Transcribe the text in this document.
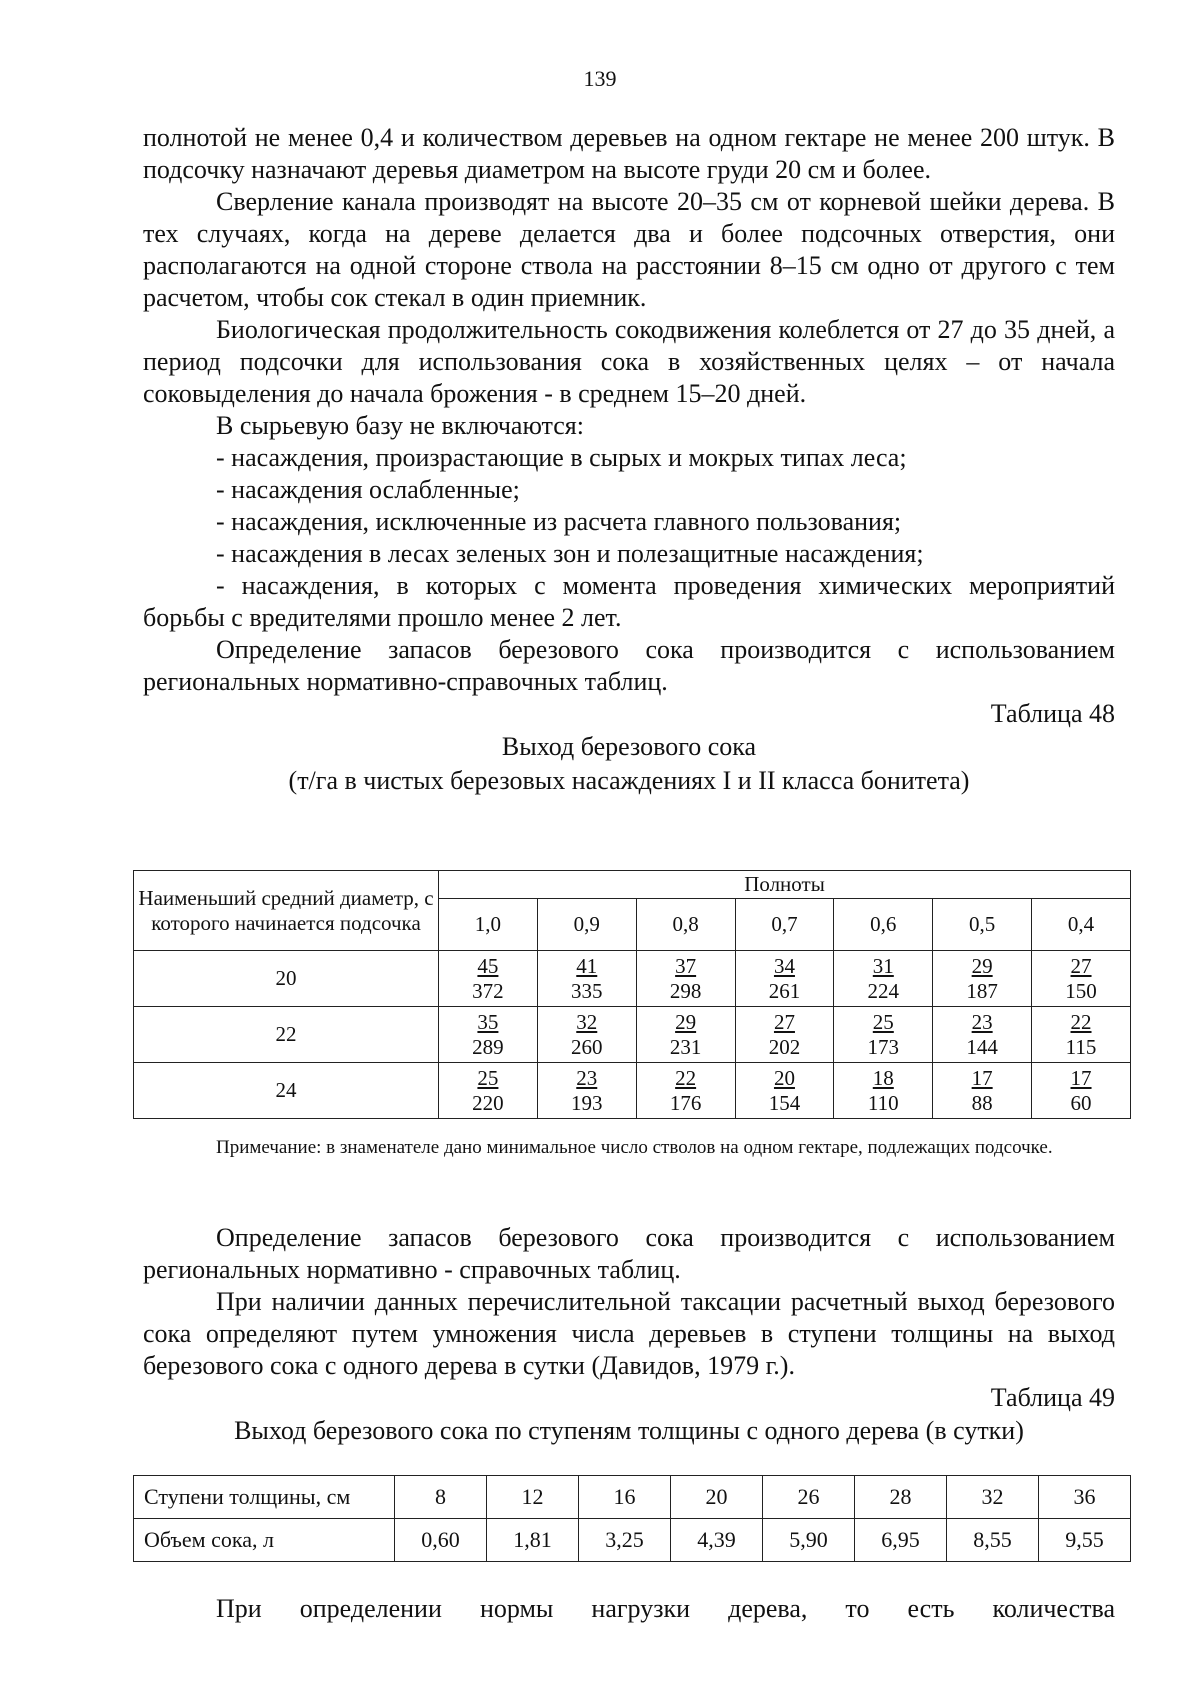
139

полнотой не менее 0,4 и количеством деревьев на одном гектаре не менее 200 штук. В подсочку назначают деревья диаметром на высоте груди 20 см и более.

Сверление канала производят на высоте 20–35 см от корневой шейки дерева. В тех случаях, когда на дереве делается два и более подсочных отверстия, они располагаются на одной стороне ствола на расстоянии 8–15 см одно от другого с тем расчетом, чтобы сок стекал в один приемник.

Биологическая продолжительность сокодвижения колеблется от 27 до 35 дней, а период подсочки для использования сока в хозяйственных целях – от начала соковыделения до начала брожения - в среднем 15–20 дней.

В сырьевую базу не включаются:

- насаждения, произрастающие в сырых и мокрых типах леса;

- насаждения ослабленные;

- насаждения, исключенные из расчета главного пользования;

- насаждения в лесах зеленых зон и полезащитные насаждения;

- насаждения, в которых с момента проведения химических мероприятий борьбы с вредителями прошло менее 2 лет.

Определение запасов березового сока производится с использованием региональных нормативно-справочных таблиц.

Таблица 48
Выход березового сока
(т/га в чистых березовых насаждениях I и II класса бонитета)
Наименьший средний диаметр, с которого начинается подсочка	Полноты						
	1,0	0,9	0,8	0,7	0,6	0,5	0,4
20	$\frac{45}{372}$	$\frac{41}{335}$	$\frac{37}{298}$	$\frac{34}{261}$	$\frac{31}{224}$	$\frac{29}{187}$	$\frac{27}{150}$

22	$\frac{35}{289}$	$\frac{32}{260}$	$\frac{29}{231}$	$\frac{27}{202}$	$\frac{25}{173}$	$\frac{23}{144}$	$\frac{22}{115}$

24	$\frac{25}{220}$	$\frac{23}{193}$	$\frac{22}{176}$	$\frac{20}{154}$	$\frac{18}{110}$	$\frac{17}{88}$	$\frac{17}{60}$

Примечание: в знаменателе дано минимальное число стволов на одном гектаре, подлежащих подсочке.

Определение запасов березового сока производится с использованием региональных нормативно - справочных таблиц.

При наличии данных перечислительной таксации расчетный выход березового сока определяют путем умножения числа деревьев в ступени толщины на выход березового сока с одного дерева в сутки (Давидов, 1979 г.).

Таблица 49
Выход березового сока по ступеням толщины с одного дерева (в сутки)
Ступени толщины, см	8	12	16	20	26	28	32	36
Объем сока, л	0,60	1,81	3,25	4,39	5,90	6,95	8,55	9,55

При определении нормы нагрузки дерева, то есть количества
